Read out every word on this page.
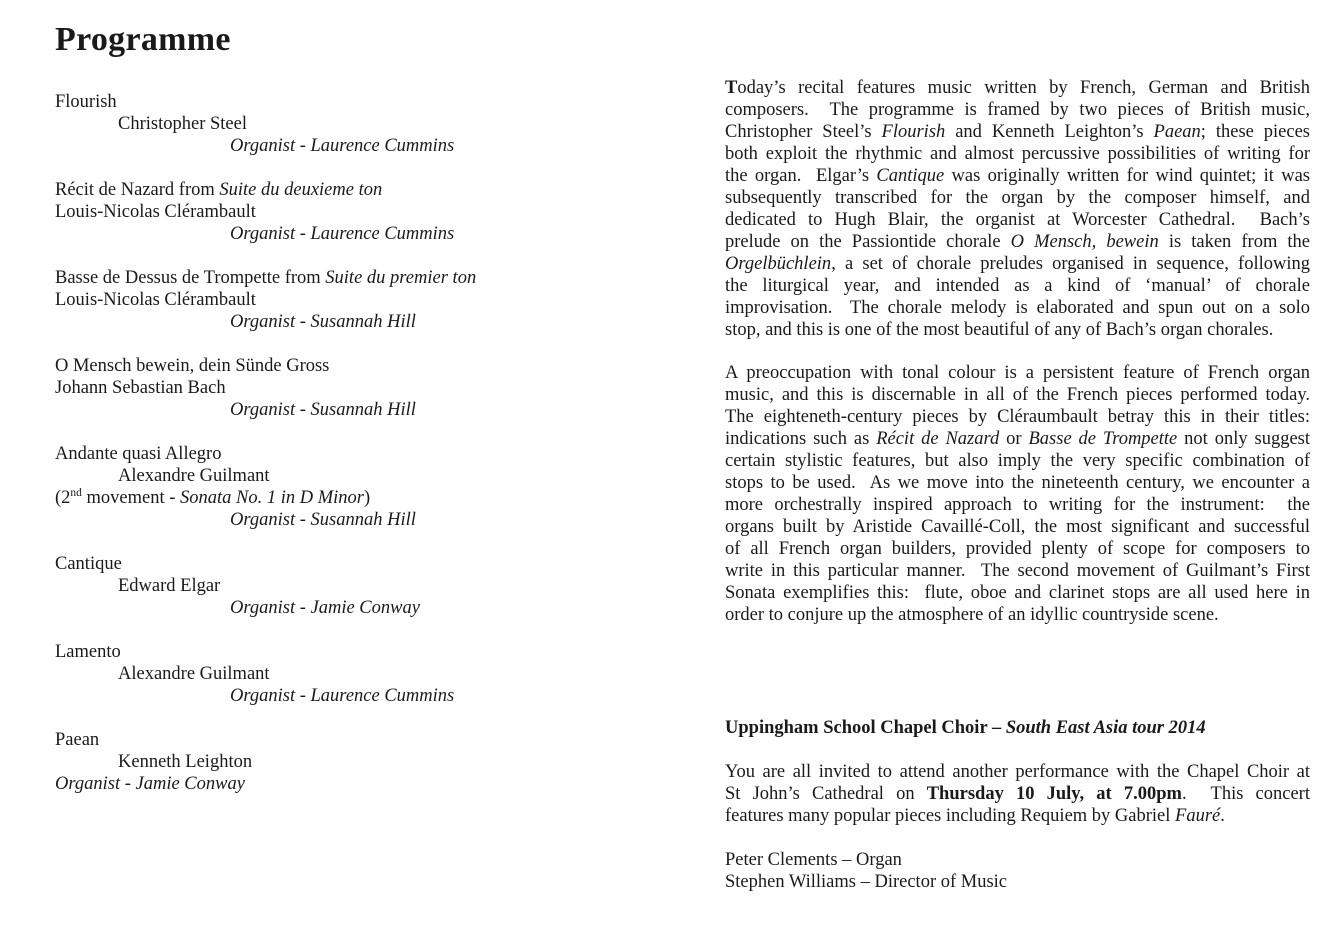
Programme
Flourish
Christopher Steel
Organist - Laurence Cummins
Récit de Nazard from Suite du deuxieme ton
Louis-Nicolas Clérambault
Organist - Laurence Cummins
Basse de Dessus de Trompette from Suite du premier ton
Louis-Nicolas Clérambault
Organist - Susannah Hill
O Mensch bewein, dein Sünde Gross
Johann Sebastian Bach
Organist - Susannah Hill
Andante quasi Allegro
Alexandre Guilmant
(2nd movement - Sonata No. 1 in D Minor)
Organist - Susannah Hill
Cantique
Edward Elgar
Organist - Jamie Conway
Lamento
Alexandre Guilmant
Organist - Laurence Cummins
Paean
Kenneth Leighton
Organist - Jamie Conway
Today’s recital features music written by French, German and British
composers.  The programme is framed by two pieces of British music,
Christopher Steel’s Flourish and Kenneth Leighton’s Paean; these pieces
both exploit the rhythmic and almost percussive possibilities of writing for
the organ.  Elgar’s Cantique was originally written for wind quintet; it was
subsequently transcribed for the organ by the composer himself, and
dedicated to Hugh Blair, the organist at Worcester Cathedral.  Bach’s
prelude on the Passiontide chorale O Mensch, bewein is taken from the
Orgelbüchlein, a set of chorale preludes organised in sequence, following
the liturgical year, and intended as a kind of ‘manual’ of chorale
improvisation.  The chorale melody is elaborated and spun out on a solo
stop, and this is one of the most beautiful of any of Bach’s organ chorales.
A preoccupation with tonal colour is a persistent feature of French organ
music, and this is discernable in all of the French pieces performed today.
The eighteneth-century pieces by Cléraumbault betray this in their titles:
indications such as Récit de Nazard or Basse de Trompette not only suggest
certain stylistic features, but also imply the very specific combination of
stops to be used.  As we move into the nineteenth century, we encounter a
more orchestrally inspired approach to writing for the instrument:  the
organs built by Aristide Cavaillé-Coll, the most significant and successful
of all French organ builders, provided plenty of scope for composers to
write in this particular manner.  The second movement of Guilmant’s First
Sonata exemplifies this:  flute, oboe and clarinet stops are all used here in
order to conjure up the atmosphere of an idyllic countryside scene.
Uppingham School Chapel Choir – South East Asia tour 2014
You are all invited to attend another performance with the Chapel Choir at
St John’s Cathedral on Thursday 10 July, at 7.00pm.  This concert
features many popular pieces including Requiem by Gabriel Fauré.
Peter Clements – Organ
Stephen Williams – Director of Music
